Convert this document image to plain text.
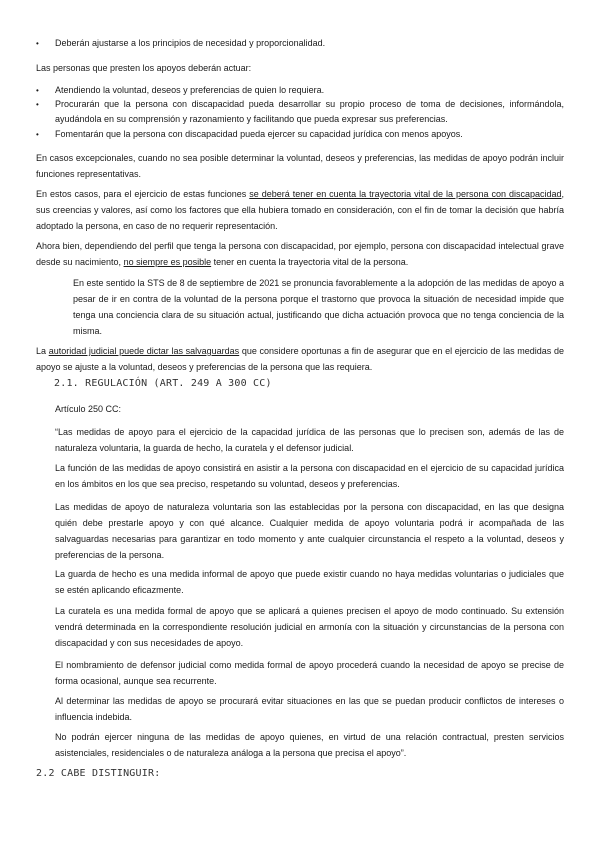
•	Deberán ajustarse a los principios de necesidad y proporcionalidad.

Las personas que presten los apoyos deberán actuar:

•	Atendiendo la voluntad, deseos y preferencias de quien lo requiera.
•	Procurarán que la persona con discapacidad pueda desarrollar su propio proceso de toma de decisiones, informándola, ayudándola en su comprensión y razonamiento y facilitando que pueda expresar sus preferencias.
•	Fomentarán que la persona con discapacidad pueda ejercer su capacidad jurídica con menos apoyos.

En casos excepcionales, cuando no sea posible determinar la voluntad, deseos y preferencias, las medidas de apoyo podrán incluir funciones representativas.

En estos casos, para el ejercicio de estas funciones se deberá tener en cuenta la trayectoria vital de la persona con discapacidad, sus creencias y valores, así como los factores que ella hubiera tomado en consideración, con el fin de tomar la decisión que habría adoptado la persona, en caso de no requerir representación.

Ahora bien, dependiendo del perfil que tenga la persona con discapacidad, por ejemplo, persona con discapacidad intelectual grave desde su nacimiento, no siempre es posible tener en cuenta la trayectoria vital de la persona.

En este sentido la STS de 8 de septiembre de 2021 se pronuncia favorablemente a la adopción de las medidas de apoyo a pesar de ir en contra de la voluntad de la persona porque el trastorno que provoca la situación de necesidad impide que tenga una conciencia clara de su situación actual, justificando que dicha actuación provoca que no tenga conciencia de la misma.

La autoridad judicial puede dictar las salvaguardas que considere oportunas a fin de asegurar que en el ejercicio de las medidas de apoyo se ajuste a la voluntad, deseos y preferencias de la persona que las requiera.

2.1. REGULACIÓN (ART. 249 A 300 CC)

Artículo 250 CC:

“Las medidas de apoyo para el ejercicio de la capacidad jurídica de las personas que lo precisen son, además de las de naturaleza voluntaria, la guarda de hecho, la curatela y el defensor judicial.

La función de las medidas de apoyo consistirá en asistir a la persona con discapacidad en el ejercicio de su capacidad jurídica en los ámbitos en los que sea preciso, respetando su voluntad, deseos y preferencias.

Las medidas de apoyo de naturaleza voluntaria son las establecidas por la persona con discapacidad, en las que designa quién debe prestarle apoyo y con qué alcance. Cualquier medida de apoyo voluntaria podrá ir acompañada de las salvaguardas necesarias para garantizar en todo momento y ante cualquier circunstancia el respeto a la voluntad, deseos y preferencias de la persona.

La guarda de hecho es una medida informal de apoyo que puede existir cuando no haya medidas voluntarias o judiciales que se estén aplicando eficazmente.

La curatela es una medida formal de apoyo que se aplicará a quienes precisen el apoyo de modo continuado. Su extensión vendrá determinada en la correspondiente resolución judicial en armonía con la situación y circunstancias de la persona con discapacidad y con sus necesidades de apoyo.

El nombramiento de defensor judicial como medida formal de apoyo procederá cuando la necesidad de apoyo se precise de forma ocasional, aunque sea recurrente.

Al determinar las medidas de apoyo se procurará evitar situaciones en las que se puedan producir conflictos de intereses o influencia indebida.

No podrán ejercer ninguna de las medidas de apoyo quienes, en virtud de una relación contractual, presten servicios asistenciales, residenciales o de naturaleza análoga a la persona que precisa el apoyo”.

2.2 CABE DISTINGUIR:
